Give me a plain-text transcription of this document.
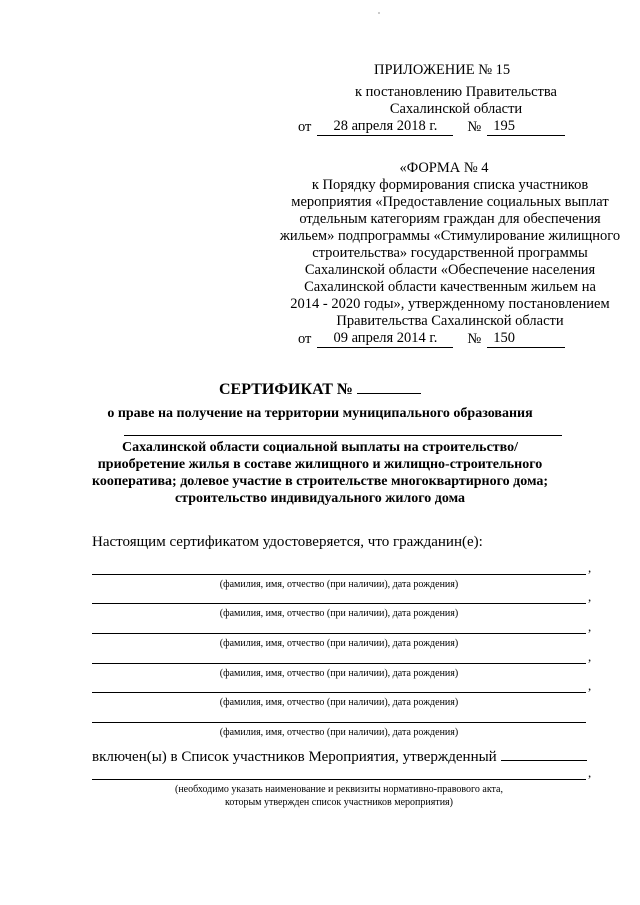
ПРИЛОЖЕНИЕ № 15
к постановлению Правительства
Сахалинской области
от	28 апреля 2018 г.	№ 195
«ФОРМА № 4
к Порядку формирования списка участников
мероприятия «Предоставление социальных выплат
отдельным категориям граждан для обеспечения
жильем» подпрограммы «Стимулирование жилищного
строительства» государственной программы
Сахалинской области «Обеспечение населения
Сахалинской области качественным жильем на
2014 - 2020 годы», утвержденному постановлением
Правительства Сахалинской области
от	09 апреля 2014 г.	№ 150
СЕРТИФИКАТ №
о праве на получение на территории муниципального образования
Сахалинской области социальной выплаты на строительство/
приобретение жилья в составе жилищного и жилищно-строительного
кооператива; долевое участие в строительстве многоквартирного дома;
строительство индивидуального жилого дома
Настоящим сертификатом удостоверяется, что гражданин(е):
,
(фамилия, имя, отчество (при наличии), дата рождения)
,
(фамилия, имя, отчество (при наличии), дата рождения)
,
(фамилия, имя, отчество (при наличии), дата рождения)
,
(фамилия, имя, отчество (при наличии), дата рождения)
,
(фамилия, имя, отчество (при наличии), дата рождения)
(фамилия, имя, отчество (при наличии), дата рождения)
включен(ы) в Список участников Мероприятия, утвержденный
,
(необходимо указать наименование и реквизиты нормативно-правового акта,
которым утвержден список участников мероприятия)
